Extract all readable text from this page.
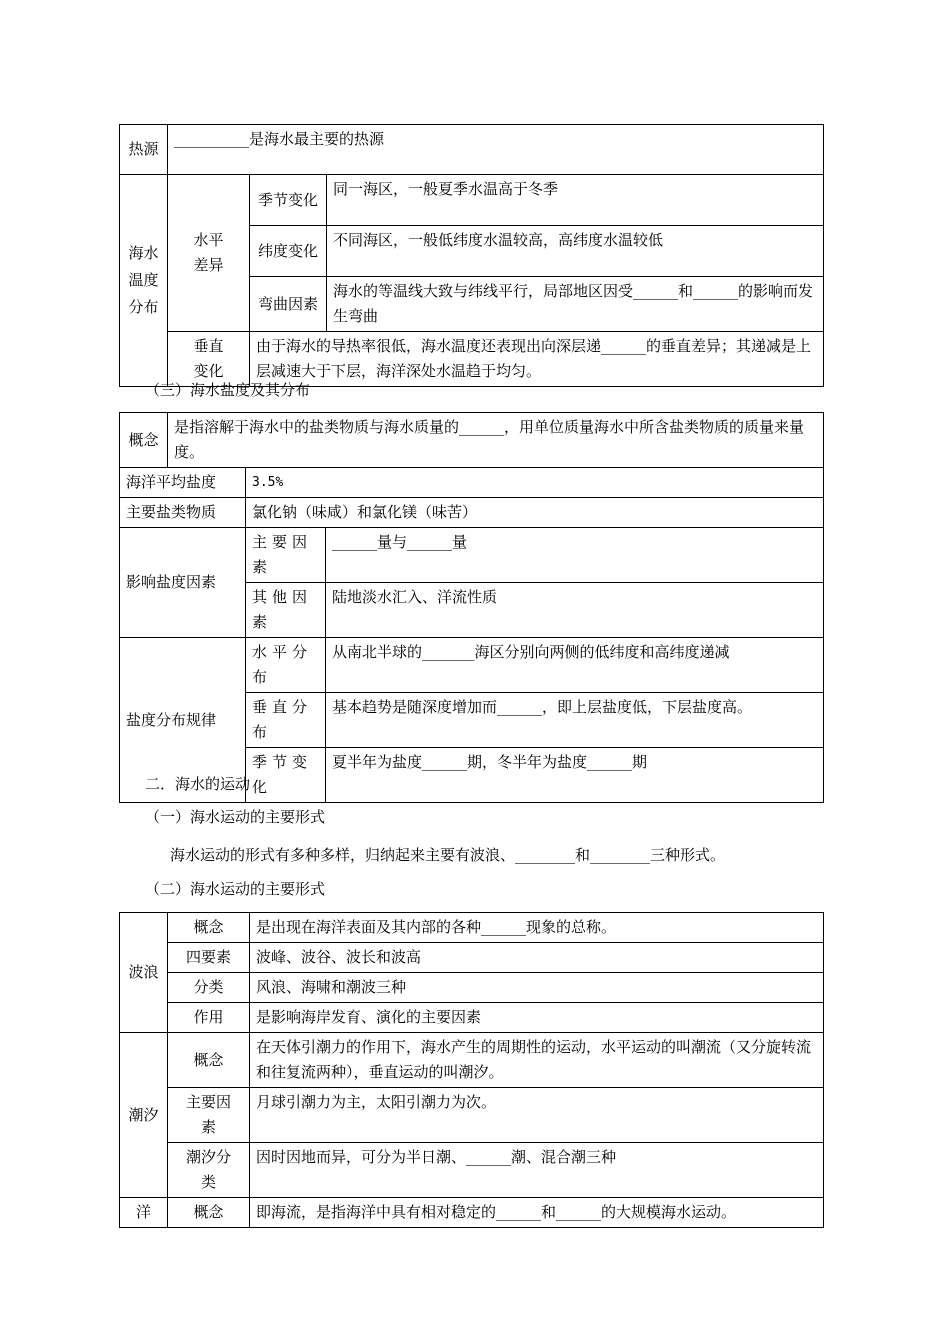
热源	__________是海水最主要的热源		
海水温度分布	水平差异	季节变化	同一海区，一般夏季水温高于冬季
		纬度变化	不同海区，一般低纬度水温较高，高纬度水温较低
		弯曲因素	海水的等温线大致与纬线平行，局部地区因受______和______的影响而发生弯曲
	垂直变化	由于海水的导热率很低，海水温度还表现出向深层递______的垂直差异；其递减是上层减速大于下层，海洋深处水温趋于均匀。	
（三）海水盐度及其分布
概念	是指溶解于海水中的盐类物质与海水质量的______，用单位质量海水中所含盐类物质的质量来量度。		
海洋平均盐度		3.5%	
主要盐类物质		氯化钠（味咸）和氯化镁（味苦）	
影响盐度因素		主要因素	______量与______量
		其他因素	陆地淡水汇入、洋流性质
盐度分布规律		水平分布	从南北半球的_______海区分别向两侧的低纬度和高纬度递减
		垂直分布	基本趋势是随深度增加而______，即上层盐度低，下层盐度高。
		季节变化	夏半年为盐度______期，冬半年为盐度______期
二．海水的运动
（一）海水运动的主要形式
海水运动的形式有多种多样，归纳起来主要有波浪、________和________三种形式。
（二）海水运动的主要形式
波浪	概念	是出现在海洋表面及其内部的各种______现象的总称。
	四要素	波峰、波谷、波长和波高
	分类	风浪、海啸和潮波三种
	作用	是影响海岸发育、演化的主要因素
潮汐	概念	在天体引潮力的作用下，海水产生的周期性的运动，水平运动的叫潮流（又分旋转流和往复流两种），垂直运动的叫潮汐。
	主要因素	月球引潮力为主，太阳引潮力为次。
	潮汐分类	因时因地而异，可分为半日潮、______潮、混合潮三种
洋	概念	即海流，是指海洋中具有相对稳定的______和______的大规模海水运动。
